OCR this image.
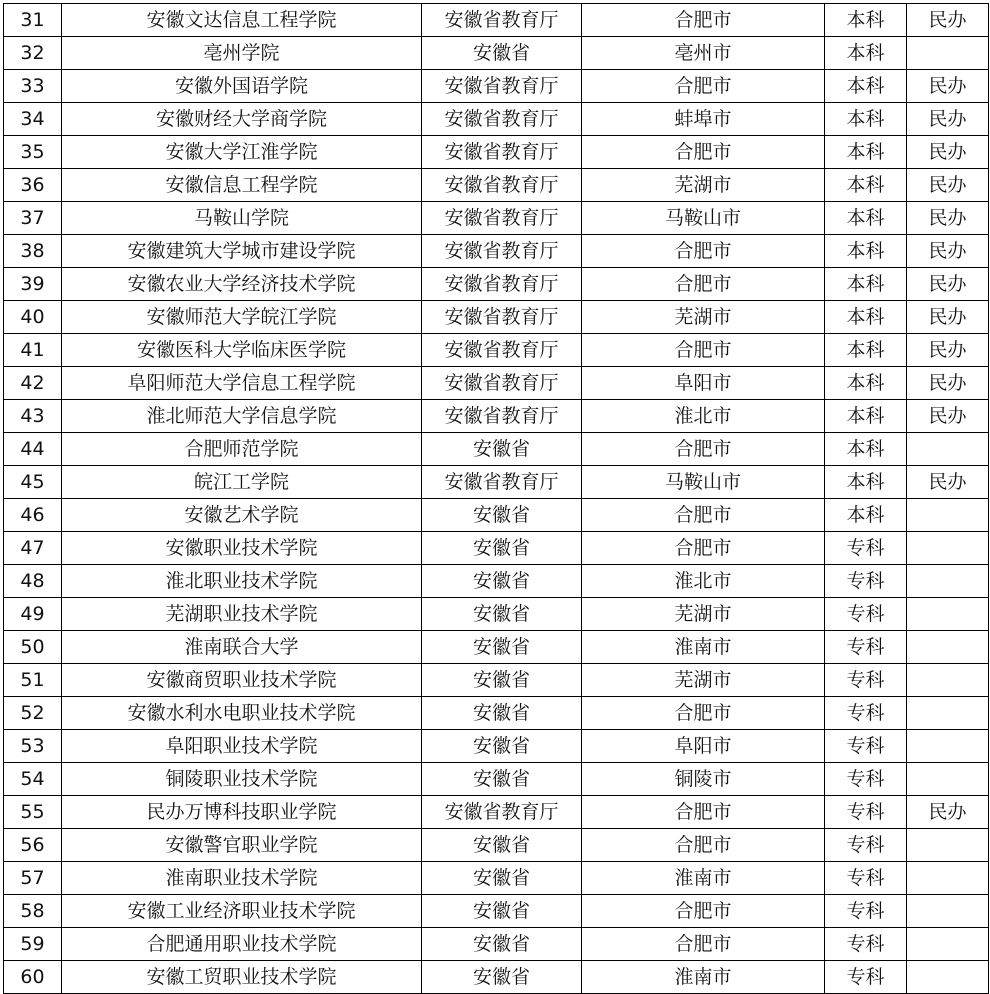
31	安徽文达信息工程学院	安徽省教育厅	合肥市	本科	民办
32	亳州学院	安徽省	亳州市	本科	
33	安徽外国语学院	安徽省教育厅	合肥市	本科	民办
34	安徽财经大学商学院	安徽省教育厅	蚌埠市	本科	民办
35	安徽大学江淮学院	安徽省教育厅	合肥市	本科	民办
36	安徽信息工程学院	安徽省教育厅	芜湖市	本科	民办
37	马鞍山学院	安徽省教育厅	马鞍山市	本科	民办
38	安徽建筑大学城市建设学院	安徽省教育厅	合肥市	本科	民办
39	安徽农业大学经济技术学院	安徽省教育厅	合肥市	本科	民办
40	安徽师范大学皖江学院	安徽省教育厅	芜湖市	本科	民办
41	安徽医科大学临床医学院	安徽省教育厅	合肥市	本科	民办
42	阜阳师范大学信息工程学院	安徽省教育厅	阜阳市	本科	民办
43	淮北师范大学信息学院	安徽省教育厅	淮北市	本科	民办
44	合肥师范学院	安徽省	合肥市	本科	
45	皖江工学院	安徽省教育厅	马鞍山市	本科	民办
46	安徽艺术学院	安徽省	合肥市	本科	
47	安徽职业技术学院	安徽省	合肥市	专科	
48	淮北职业技术学院	安徽省	淮北市	专科	
49	芜湖职业技术学院	安徽省	芜湖市	专科	
50	淮南联合大学	安徽省	淮南市	专科	
51	安徽商贸职业技术学院	安徽省	芜湖市	专科	
52	安徽水利水电职业技术学院	安徽省	合肥市	专科	
53	阜阳职业技术学院	安徽省	阜阳市	专科	
54	铜陵职业技术学院	安徽省	铜陵市	专科	
55	民办万博科技职业学院	安徽省教育厅	合肥市	专科	民办
56	安徽警官职业学院	安徽省	合肥市	专科	
57	淮南职业技术学院	安徽省	淮南市	专科	
58	安徽工业经济职业技术学院	安徽省	合肥市	专科	
59	合肥通用职业技术学院	安徽省	合肥市	专科	
60	安徽工贸职业技术学院	安徽省	淮南市	专科	
